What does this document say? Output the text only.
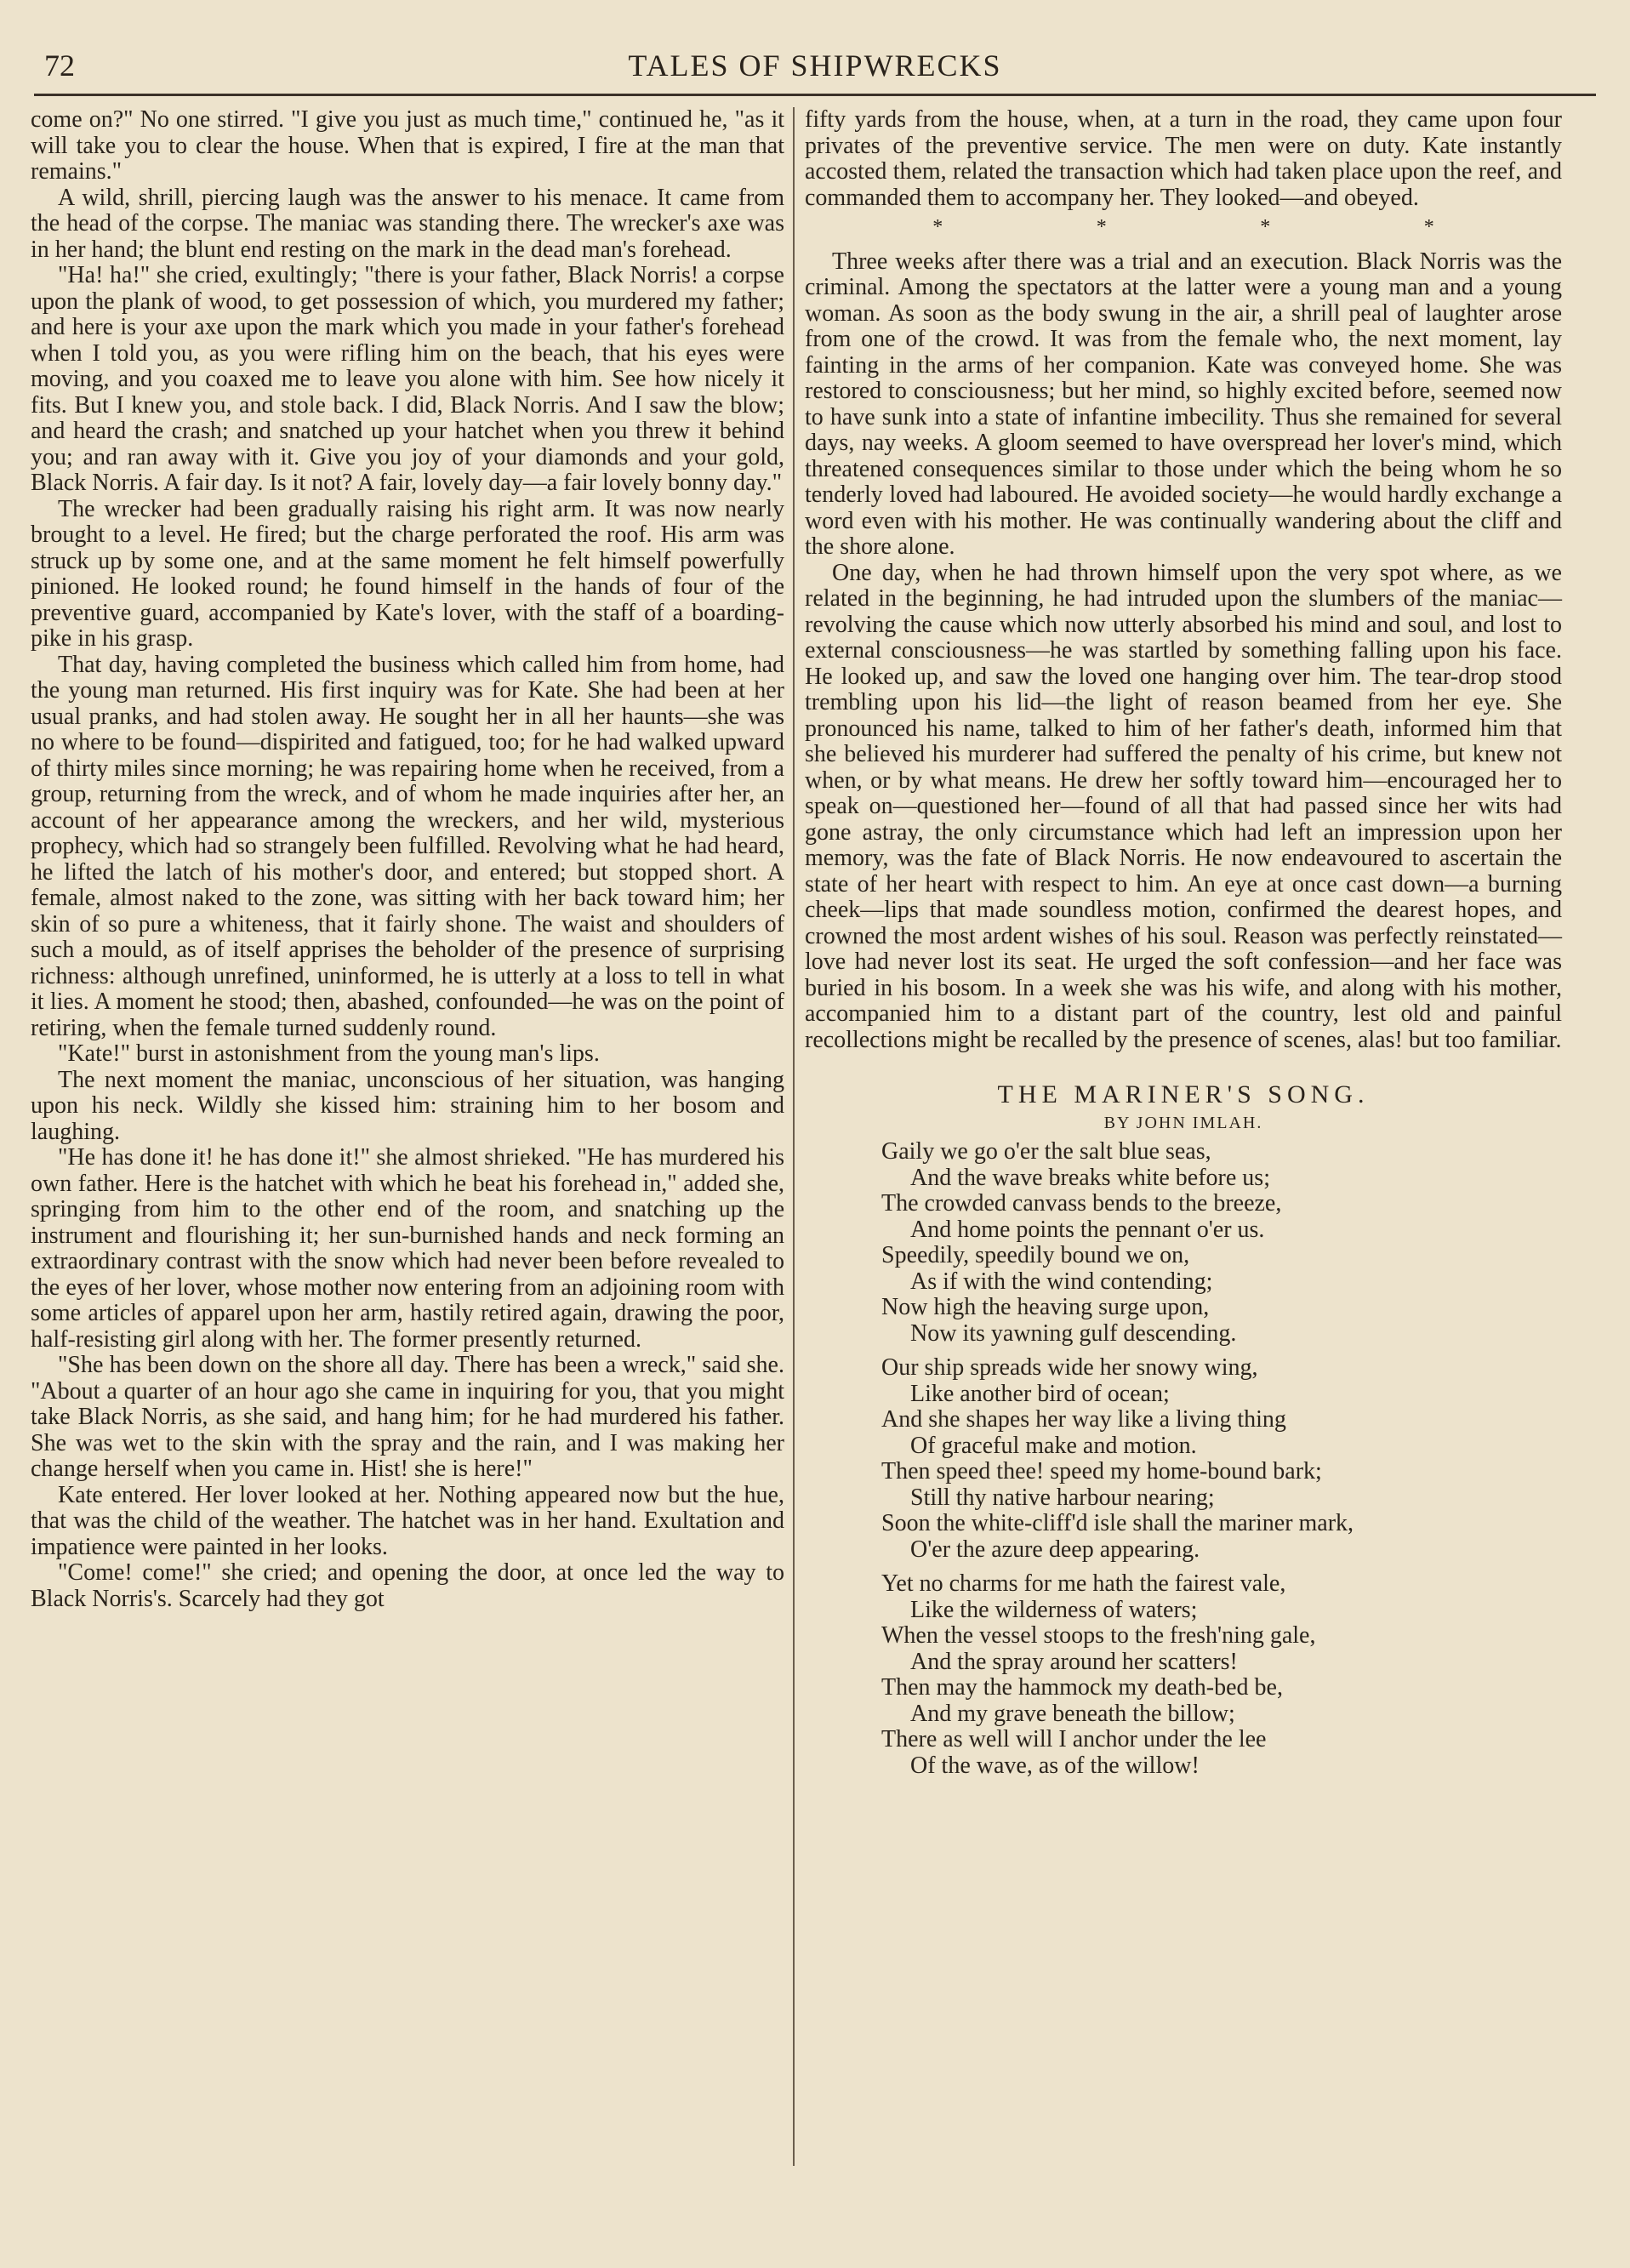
72	TALES OF SHIPWRECKS

come on?" No one stirred. "I give you just as much time," continued he, "as it will take you to clear the house. When that is expired, I fire at the man that remains."

A wild, shrill, piercing laugh was the answer to his menace. It came from the head of the corpse. The maniac was standing there. The wrecker's axe was in her hand; the blunt end resting on the mark in the dead man's forehead.

"Ha! ha!" she cried, exultingly; "there is your father, Black Norris! a corpse upon the plank of wood, to get possession of which, you murdered my father; and here is your axe upon the mark which you made in your father's forehead when I told you, as you were rifling him on the beach, that his eyes were moving, and you coaxed me to leave you alone with him. See how nicely it fits. But I knew you, and stole back. I did, Black Norris. And I saw the blow; and heard the crash; and snatched up your hatchet when you threw it behind you; and ran away with it. Give you joy of your diamonds and your gold, Black Norris. A fair day. Is it not? A fair, lovely day—a fair lovely bonny day."

The wrecker had been gradually raising his right arm. It was now nearly brought to a level. He fired; but the charge perforated the roof. His arm was struck up by some one, and at the same moment he felt himself powerfully pinioned. He looked round; he found himself in the hands of four of the preventive guard, accompanied by Kate's lover, with the staff of a boarding-pike in his grasp.

That day, having completed the business which called him from home, had the young man returned. His first inquiry was for Kate. She had been at her usual pranks, and had stolen away. He sought her in all her haunts—she was no where to be found—dispirited and fatigued, too; for he had walked upward of thirty miles since morning; he was repairing home when he received, from a group, returning from the wreck, and of whom he made inquiries after her, an account of her appearance among the wreckers, and her wild, mysterious prophecy, which had so strangely been fulfilled. Revolving what he had heard, he lifted the latch of his mother's door, and entered; but stopped short. A female, almost naked to the zone, was sitting with her back toward him; her skin of so pure a whiteness, that it fairly shone. The waist and shoulders of such a mould, as of itself apprises the beholder of the presence of surprising richness: although unrefined, uninformed, he is utterly at a loss to tell in what it lies. A moment he stood; then, abashed, confounded—he was on the point of retiring, when the female turned suddenly round.

"Kate!" burst in astonishment from the young man's lips.

The next moment the maniac, unconscious of her situation, was hanging upon his neck. Wildly she kissed him: straining him to her bosom and laughing.

"He has done it! he has done it!" she almost shrieked. "He has murdered his own father. Here is the hatchet with which he beat his forehead in," added she, springing from him to the other end of the room, and snatching up the instrument and flourishing it; her sun-burnished hands and neck forming an extraordinary contrast with the snow which had never been before revealed to the eyes of her lover, whose mother now entering from an adjoining room with some articles of apparel upon her arm, hastily retired again, drawing the poor, half-resisting girl along with her. The former presently returned.

"She has been down on the shore all day. There has been a wreck," said she. "About a quarter of an hour ago she came in inquiring for you, that you might take Black Norris, as she said, and hang him; for he had murdered his father. She was wet to the skin with the spray and the rain, and I was making her change herself when you came in. Hist! she is here!"

Kate entered. Her lover looked at her. Nothing appeared now but the hue, that was the child of the weather. The hatchet was in her hand. Exultation and impatience were painted in her looks.

"Come! come!" she cried; and opening the door, at once led the way to Black Norris's. Scarcely had they got

fifty yards from the house, when, at a turn in the road, they came upon four privates of the preventive service. The men were on duty. Kate instantly accosted them, related the transaction which had taken place upon the reef, and commanded them to accompany her. They looked—and obeyed.

*	*	*	*

Three weeks after there was a trial and an execution. Black Norris was the criminal. Among the spectators at the latter were a young man and a young woman. As soon as the body swung in the air, a shrill peal of laughter arose from one of the crowd. It was from the female who, the next moment, lay fainting in the arms of her companion. Kate was conveyed home. She was restored to consciousness; but her mind, so highly excited before, seemed now to have sunk into a state of infantine imbecility. Thus she remained for several days, nay weeks. A gloom seemed to have overspread her lover's mind, which threatened consequences similar to those under which the being whom he so tenderly loved had laboured. He avoided society—he would hardly exchange a word even with his mother. He was continually wandering about the cliff and the shore alone.

One day, when he had thrown himself upon the very spot where, as we related in the beginning, he had intruded upon the slumbers of the maniac—revolving the cause which now utterly absorbed his mind and soul, and lost to external consciousness—he was startled by something falling upon his face. He looked up, and saw the loved one hanging over him. The tear-drop stood trembling upon his lid—the light of reason beamed from her eye. She pronounced his name, talked to him of her father's death, informed him that she believed his murderer had suffered the penalty of his crime, but knew not when, or by what means. He drew her softly toward him—encouraged her to speak on—questioned her—found of all that had passed since her wits had gone astray, the only circumstance which had left an impression upon her memory, was the fate of Black Norris. He now endeavoured to ascertain the state of her heart with respect to him. An eye at once cast down—a burning cheek—lips that made soundless motion, confirmed the dearest hopes, and crowned the most ardent wishes of his soul. Reason was perfectly reinstated—love had never lost its seat. He urged the soft confession—and her face was buried in his bosom. In a week she was his wife, and along with his mother, accompanied him to a distant part of the country, lest old and painful recollections might be recalled by the presence of scenes, alas! but too familiar.

THE MARINER'S SONG.
BY JOHN IMLAH.
Gaily we go o'er the salt blue seas,
And the wave breaks white before us;
The crowded canvass bends to the breeze,
And home points the pennant o'er us.
Speedily, speedily bound we on,
As if with the wind contending;
Now high the heaving surge upon,
Now its yawning gulf descending.
Our ship spreads wide her snowy wing,
Like another bird of ocean;
And she shapes her way like a living thing
Of graceful make and motion.
Then speed thee! speed my home-bound bark;
Still thy native harbour nearing;
Soon the white-cliff'd isle shall the mariner mark,
O'er the azure deep appearing.
Yet no charms for me hath the fairest vale,
Like the wilderness of waters;
When the vessel stoops to the fresh'ning gale,
And the spray around her scatters!
Then may the hammock my death-bed be,
And my grave beneath the billow;
There as well will I anchor under the lee
Of the wave, as of the willow!
